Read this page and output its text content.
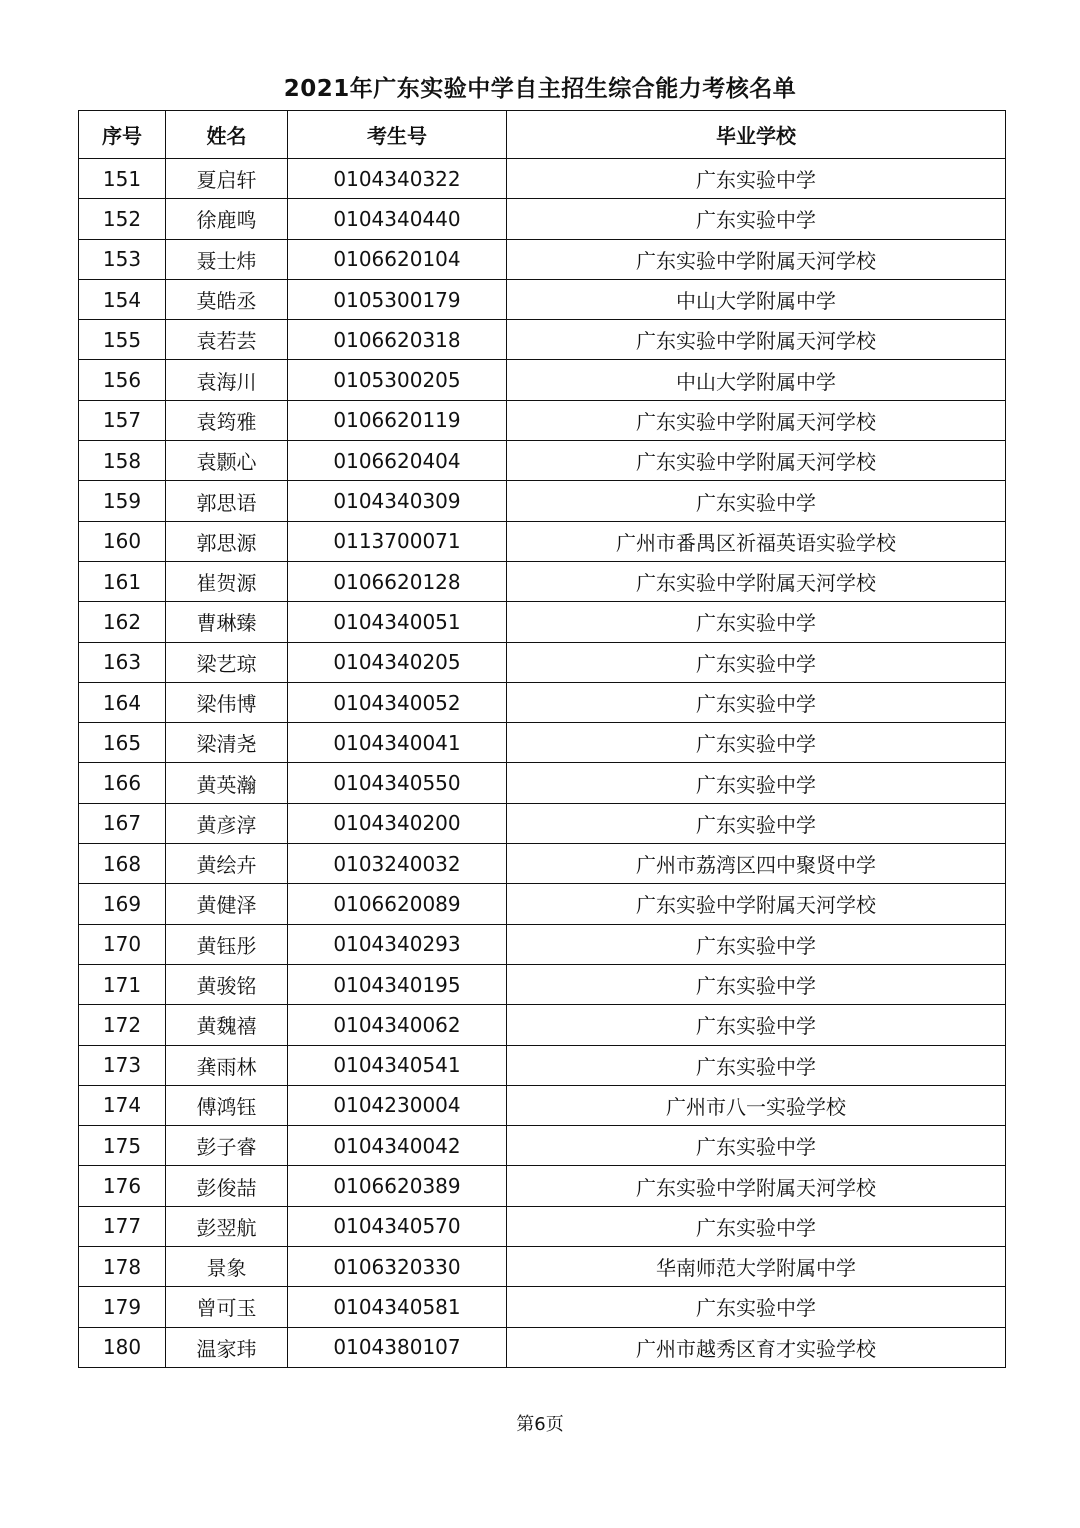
2021年广东实验中学自主招生综合能力考核名单
序号	姓名	考生号	毕业学校
151	夏启轩	0104340322	广东实验中学
152	徐鹿鸣	0104340440	广东实验中学
153	聂士炜	0106620104	广东实验中学附属天河学校
154	莫皓丞	0105300179	中山大学附属中学
155	袁若芸	0106620318	广东实验中学附属天河学校
156	袁海川	0105300205	中山大学附属中学
157	袁筠雅	0106620119	广东实验中学附属天河学校
158	袁颢心	0106620404	广东实验中学附属天河学校
159	郭思语	0104340309	广东实验中学
160	郭思源	0113700071	广州市番禺区祈福英语实验学校
161	崔贺源	0106620128	广东实验中学附属天河学校
162	曹琳臻	0104340051	广东实验中学
163	梁艺琼	0104340205	广东实验中学
164	梁伟博	0104340052	广东实验中学
165	梁清尧	0104340041	广东实验中学
166	黄英瀚	0104340550	广东实验中学
167	黄彦淳	0104340200	广东实验中学
168	黄绘卉	0103240032	广州市荔湾区四中聚贤中学
169	黄健泽	0106620089	广东实验中学附属天河学校
170	黄钰彤	0104340293	广东实验中学
171	黄骏铭	0104340195	广东实验中学
172	黄魏禧	0104340062	广东实验中学
173	龚雨林	0104340541	广东实验中学
174	傅鸿钰	0104230004	广州市八一实验学校
175	彭子睿	0104340042	广东实验中学
176	彭俊喆	0106620389	广东实验中学附属天河学校
177	彭翌航	0104340570	广东实验中学
178	景象	0106320330	华南师范大学附属中学
179	曾可玉	0104340581	广东实验中学
180	温家玮	0104380107	广州市越秀区育才实验学校
第6页
